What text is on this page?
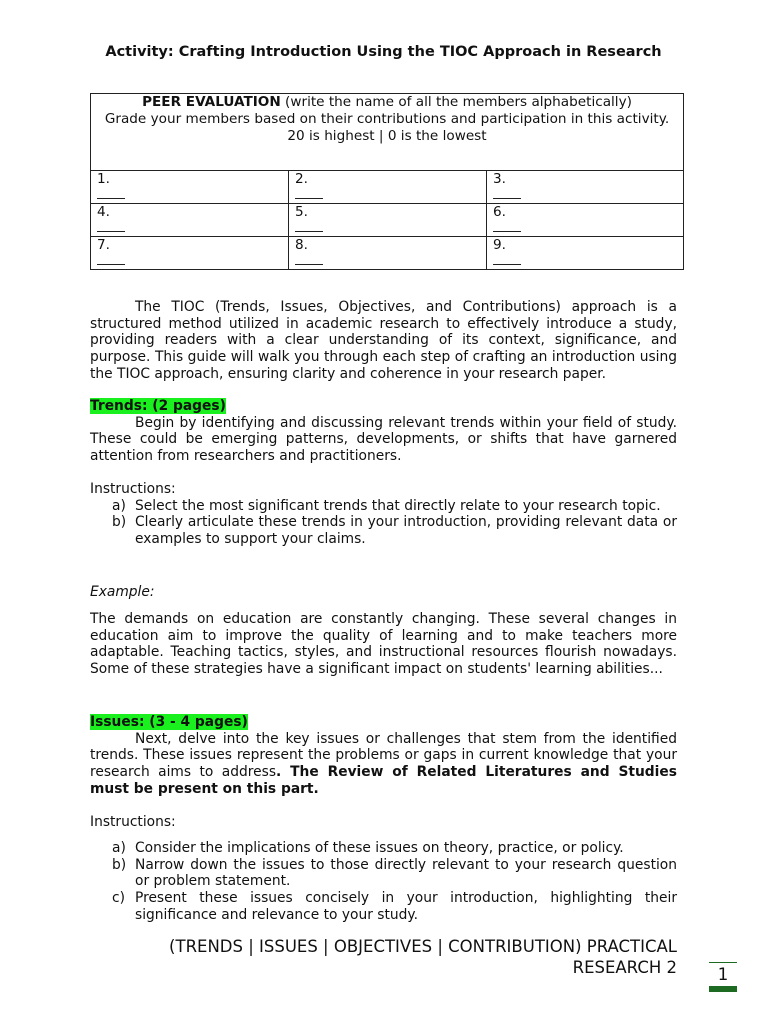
Activity: Crafting Introduction Using the TIOC Approach in Research
PEER EVALUATION (write the name of all the members alphabetically)
Grade your members based on their contributions and participation in this activity.
20 is highest | 0 is the lowest		

1.	2.	3.

4.	5.	6.

7.	8.	9.

The TIOC (Trends, Issues, Objectives, and Contributions) approach is a structured method utilized in academic research to effectively introduce a study, providing readers with a clear understanding of its context, significance, and purpose. This guide will walk you through each step of crafting an introduction using the TIOC approach, ensuring clarity and coherence in your research paper.

Trends: (2 pages)

Begin by identifying and discussing relevant trends within your field of study. These could be emerging patterns, developments, or shifts that have garnered attention from researchers and practitioners.

Instructions:

a) Select the most significant trends that directly relate to your research topic.
b) Clearly articulate these trends in your introduction, providing relevant data or examples to support your claims.

Example:

The demands on education are constantly changing. These several changes in education aim to improve the quality of learning and to make teachers more adaptable. Teaching tactics, styles, and instructional resources flourish nowadays. Some of these strategies have a significant impact on students' learning abilities...

Issues: (3 - 4 pages)

Next, delve into the key issues or challenges that stem from the identified trends. These issues represent the problems or gaps in current knowledge that your research aims to address. The Review of Related Literatures and Studies must be present on this part.

Instructions:

a) Consider the implications of these issues on theory, practice, or policy.
b) Narrow down the issues to those directly relevant to your research question or problem statement.
c) Present these issues concisely in your introduction, highlighting their significance and relevance to your study.
(TRENDS | ISSUES | OBJECTIVES | CONTRIBUTION) PRACTICAL
RESEARCH 2	1
